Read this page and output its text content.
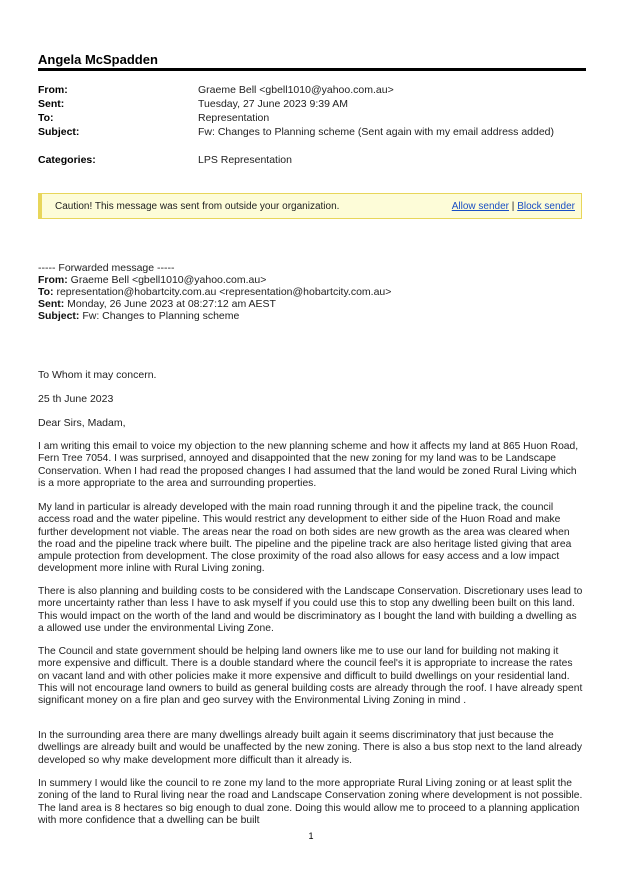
Angela McSpadden
From:	Graeme Bell <gbell1010@yahoo.com.au>
Sent:	Tuesday, 27 June 2023 9:39 AM
To:	Representation
Subject:	Fw: Changes to Planning scheme (Sent again with my email address added)
Categories:	LPS Representation
Caution! This message was sent from outside your organization.	Allow sender | Block sender
----- Forwarded message -----
From: Graeme Bell <gbell1010@yahoo.com.au>
To: representation@hobartcity.com.au <representation@hobartcity.com.au>
Sent: Monday, 26 June 2023 at 08:27:12 am AEST
Subject: Fw: Changes to Planning scheme
To Whom it may concern.
25 th June 2023
Dear Sirs, Madam,
I am writing this email to voice my objection to the new planning scheme and how it affects my land at 865 Huon Road, Fern Tree 7054. I was surprised, annoyed and disappointed that the new zoning for my land was to be Landscape Conservation. When I had read the proposed changes I had assumed that the land would be zoned Rural Living which is a more appropriate to the area and surrounding properties.
My land in particular is already developed with the main road running through it and the pipeline track, the council access road and the water pipeline. This would restrict any development to either side of the Huon Road and make further development not viable. The areas near the road on both sides are new growth as the area was cleared when the road and the pipeline track where built. The pipeline and the pipeline track are also heritage listed giving that area ampule protection from development. The close proximity of the road also allows for easy access and a low impact development more inline with Rural Living zoning.
There is also planning and building costs to be considered with the Landscape Conservation. Discretionary uses lead to more uncertainty rather than less I have to ask myself if you could use this to stop any dwelling been built on this land. This would impact on the worth of the land and would be discriminatory as I bought the land with building a dwelling as a allowed use under the environmental Living Zone.
The Council and state government should be helping land owners like me to use our land for building not making it more expensive and difficult. There is a double standard where the council feel's it is appropriate to increase the rates on vacant land and with other policies make it more expensive and difficult to build dwellings on your residential land. This will not encourage land owners to build as general building costs are already through the roof. I have already spent significant money on a fire plan and geo survey with the Environmental Living Zoning in mind .
In the surrounding area there are many dwellings already built again it seems discriminatory that just because the dwellings are already built and would be unaffected by the new zoning. There is also a bus stop next to the land already developed so why make development more difficult than it already is.
In summery I would like the council to re zone my land to the more appropriate Rural Living zoning or at least split the zoning of the land to Rural living near the road and Landscape Conservation zoning where development is not possible. The land area is 8 hectares so big enough to dual zone. Doing this would allow me to proceed to a planning application with more confidence that a dwelling can be built
1
